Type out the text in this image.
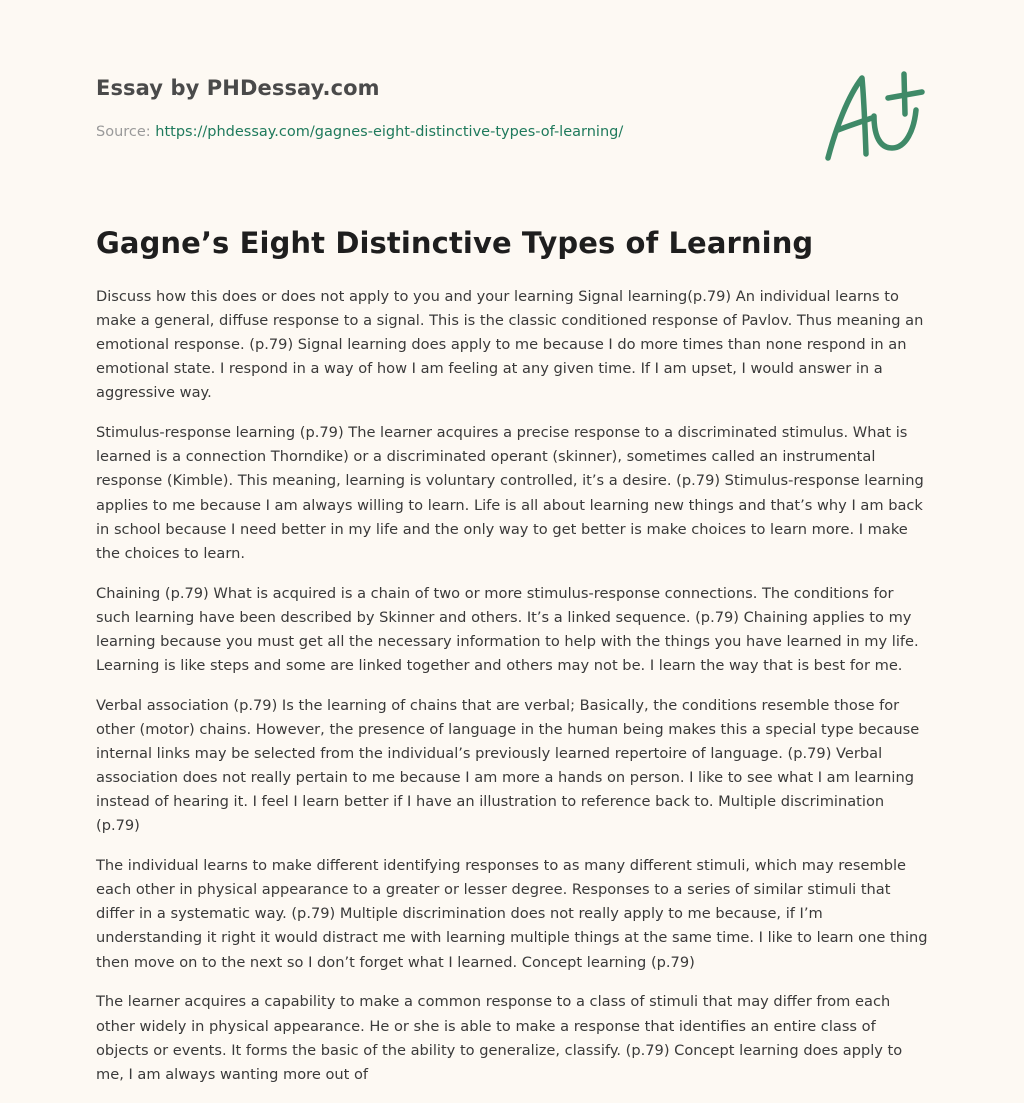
Essay by PHDessay.com

Source: https://phdessay.com/gagnes-eight-distinctive-types-of-learning/

Gagne’s Eight Distinctive Types of Learning

Discuss how this does or does not apply to you and your learning Signal learning(p.79) An individual learns to make a general, diffuse response to a signal. This is the classic conditioned response of Pavlov. Thus meaning an emotional response. (p.79) Signal learning does apply to me because I do more times than none respond in an emotional state. I respond in a way of how I am feeling at any given time. If I am upset, I would answer in a aggressive way.

Stimulus-response learning (p.79) The learner acquires a precise response to a discriminated stimulus. What is learned is a connection Thorndike) or a discriminated operant (skinner), sometimes called an instrumental response (Kimble). This meaning, learning is voluntary controlled, it’s a desire. (p.79) Stimulus-response learning applies to me because I am always willing to learn. Life is all about learning new things and that’s why I am back in school because I need better in my life and the only way to get better is make choices to learn more. I make the choices to learn.

Chaining (p.79) What is acquired is a chain of two or more stimulus-response connections. The conditions for such learning have been described by Skinner and others. It’s a linked sequence. (p.79) Chaining applies to my learning because you must get all the necessary information to help with the things you have learned in my life. Learning is like steps and some are linked together and others may not be. I learn the way that is best for me.

Verbal association (p.79) Is the learning of chains that are verbal; Basically, the conditions resemble those for other (motor) chains. However, the presence of language in the human being makes this a special type because internal links may be selected from the individual’s previously learned repertoire of language. (p.79) Verbal association does not really pertain to me because I am more a hands on person. I like to see what I am learning instead of hearing it. I feel I learn better if I have an illustration to reference back to. Multiple discrimination (p.79)

The individual learns to make different identifying responses to as many different stimuli, which may resemble each other in physical appearance to a greater or lesser degree. Responses to a series of similar stimuli that differ in a systematic way. (p.79) Multiple discrimination does not really apply to me because, if I’m understanding it right it would distract me with learning multiple things at the same time. I like to learn one thing then move on to the next so I don’t forget what I learned. Concept learning (p.79)

The learner acquires a capability to make a common response to a class of stimuli that may differ from each other widely in physical appearance. He or she is able to make a response that identifies an entire class of objects or events. It forms the basic of the ability to generalize, classify. (p.79) Concept learning does apply to me, I am always wanting more out of
